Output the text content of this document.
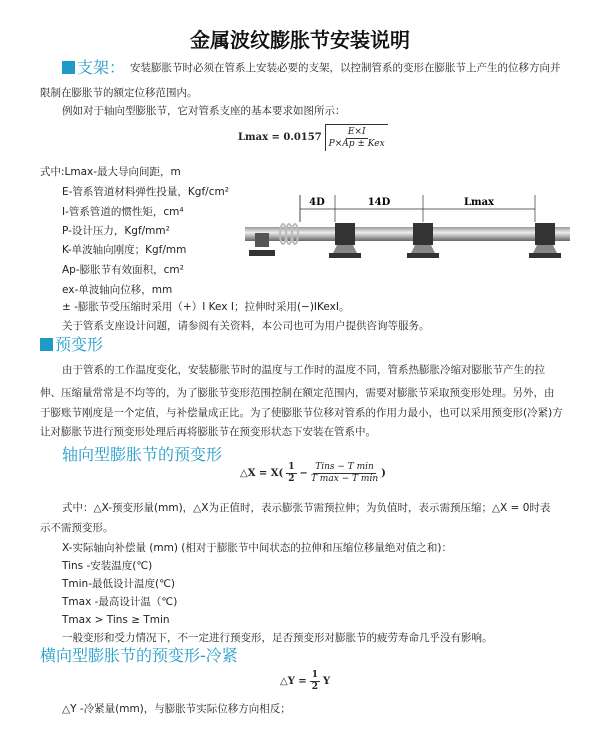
金属波纹膨胀节安装说明
支架： 安装膨胀节时必须在管系上安装必要的支架，以控制管系的变形在膨胀节上产生的位移方向并
限制在膨胀节的额定位移范围内。
例如对于轴向型膨胀节，它对管系支座的基本要求如图所示：
$Lmax = 0.0157 \frac{E\times I}{\text{P×Ap ± Kex}}$
式中:Lmax-最大导向间距，m
E-管系管道材料弹性投量，Kgf/cm²
I-管系管道的惯性矩，cm⁴
P-设计压力，Kgf/mm²
K-单波轴向刚度；Kgf/mm
Ap-膨胀节有效面积，cm²
ex-单波轴向位移，mm
± -膨胀节受压缩时采用（+）I Kex I；拉伸时采用(−)IKexI。
关于管系支座设计问题，请参阅有关资料，本公司也可为用户提供咨询等服务。
4D	14D	Lmax
预变形
由于管系的工作温度变化，安装膨胀节时的温度与工作时的温度不同，管系热膨胀冷缩对膨胀节产生的拉
伸、压缩量常常是不均等的，为了膨胀节变形范围控制在额定范围内，需要对膨胀节采取预变形处理。另外，由
于膨账节刚度是一个定值，与补偿量成正比。为了使膨胀节位移对管系的作用力最小，也可以采用预变形(冷紧)方
让对膨胀节进行预变形处理后再将膨胀节在预变形状态下安装在管系中。
轴向型膨胀节的预变形
△X = $X( \frac{1}{2} - \frac{\text{Tins − T min}}{\text{T max − T min}}$ )
式中：△X-预变形量(mm)，△X为正值时，表示膨张节需预拉伸；为负值时，表示需预压缩；△X = 0时表
示不需预变形。
X-实际轴向补偿量 (mm) (相对于膨胀节中间状态的拉伸和压缩位移量绝对值之和)：
Tins -安装温度(℃)
Tmin-最低设计温度(℃)
Tmax -最高设计温（℃)
Tmax > Tins ≥ Tmin
一般变形和受力情况下，不一定进行预变形，足否预变形对膨胀节的疲劳寿命几乎没有影响。
横向型膨胀节的预变形-冷紧
△Y = $\frac{1}{2}$ Y
△Y -冷紧量(mm)，与膨胀节实际位移方向相反；
